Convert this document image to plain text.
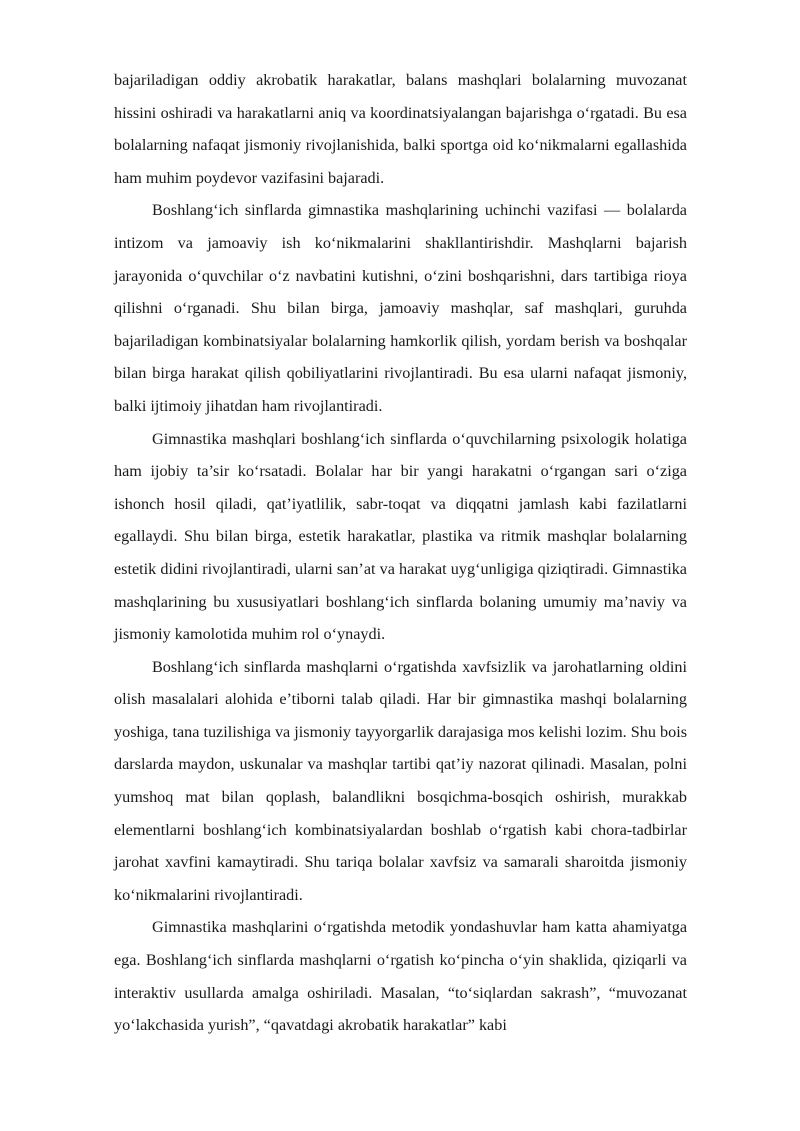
bajariladigan oddiy akrobatik harakatlar, balans mashqlari bolalarning muvozanat hissini oshiradi va harakatlarni aniq va koordinatsiyalangan bajarishga o‘rgatadi. Bu esa bolalarning nafaqat jismoniy rivojlanishida, balki sportga oid ko‘nikmalarni egallashida ham muhim poydevor vazifasini bajaradi.

Boshlang‘ich sinflarda gimnastika mashqlarining uchinchi vazifasi — bolalarda intizom va jamoaviy ish ko‘nikmalarini shakllantirishdir. Mashqlarni bajarish jarayonida o‘quvchilar o‘z navbatini kutishni, o‘zini boshqarishni, dars tartibiga rioya qilishni o‘rganadi. Shu bilan birga, jamoaviy mashqlar, saf mashqlari, guruhda bajariladigan kombinatsiyalar bolalarning hamkorlik qilish, yordam berish va boshqalar bilan birga harakat qilish qobiliyatlarini rivojlantiradi. Bu esa ularni nafaqat jismoniy, balki ijtimoiy jihatdan ham rivojlantiradi.

Gimnastika mashqlari boshlang‘ich sinflarda o‘quvchilarning psixologik holatiga ham ijobiy ta’sir ko‘rsatadi. Bolalar har bir yangi harakatni o‘rgangan sari o‘ziga ishonch hosil qiladi, qat’iyatlilik, sabr-toqat va diqqatni jamlash kabi fazilatlarni egallaydi. Shu bilan birga, estetik harakatlar, plastika va ritmik mashqlar bolalarning estetik didini rivojlantiradi, ularni san’at va harakat uyg‘unligiga qiziqtiradi. Gimnastika mashqlarining bu xususiyatlari boshlang‘ich sinflarda bolaning umumiy ma’naviy va jismoniy kamolotida muhim rol o‘ynaydi.

Boshlang‘ich sinflarda mashqlarni o‘rgatishda xavfsizlik va jarohatlarning oldini olish masalalari alohida e’tiborni talab qiladi. Har bir gimnastika mashqi bolalarning yoshiga, tana tuzilishiga va jismoniy tayyorgarlik darajasiga mos kelishi lozim. Shu bois darslarda maydon, uskunalar va mashqlar tartibi qat’iy nazorat qilinadi. Masalan, polni yumshoq mat bilan qoplash, balandlikni bosqichma-bosqich oshirish, murakkab elementlarni boshlang‘ich kombinatsiyalardan boshlab o‘rgatish kabi chora-tadbirlar jarohat xavfini kamaytiradi. Shu tariqa bolalar xavfsiz va samarali sharoitda jismoniy ko‘nikmalarini rivojlantiradi.

Gimnastika mashqlarini o‘rgatishda metodik yondashuvlar ham katta ahamiyatga ega. Boshlang‘ich sinflarda mashqlarni o‘rgatish ko‘pincha o‘yin shaklida, qiziqarli va interaktiv usullarda amalga oshiriladi. Masalan, “to‘siqlardan sakrash”, “muvozanat yo‘lakchasida yurish”, “qavatdagi akrobatik harakatlar” kabi
